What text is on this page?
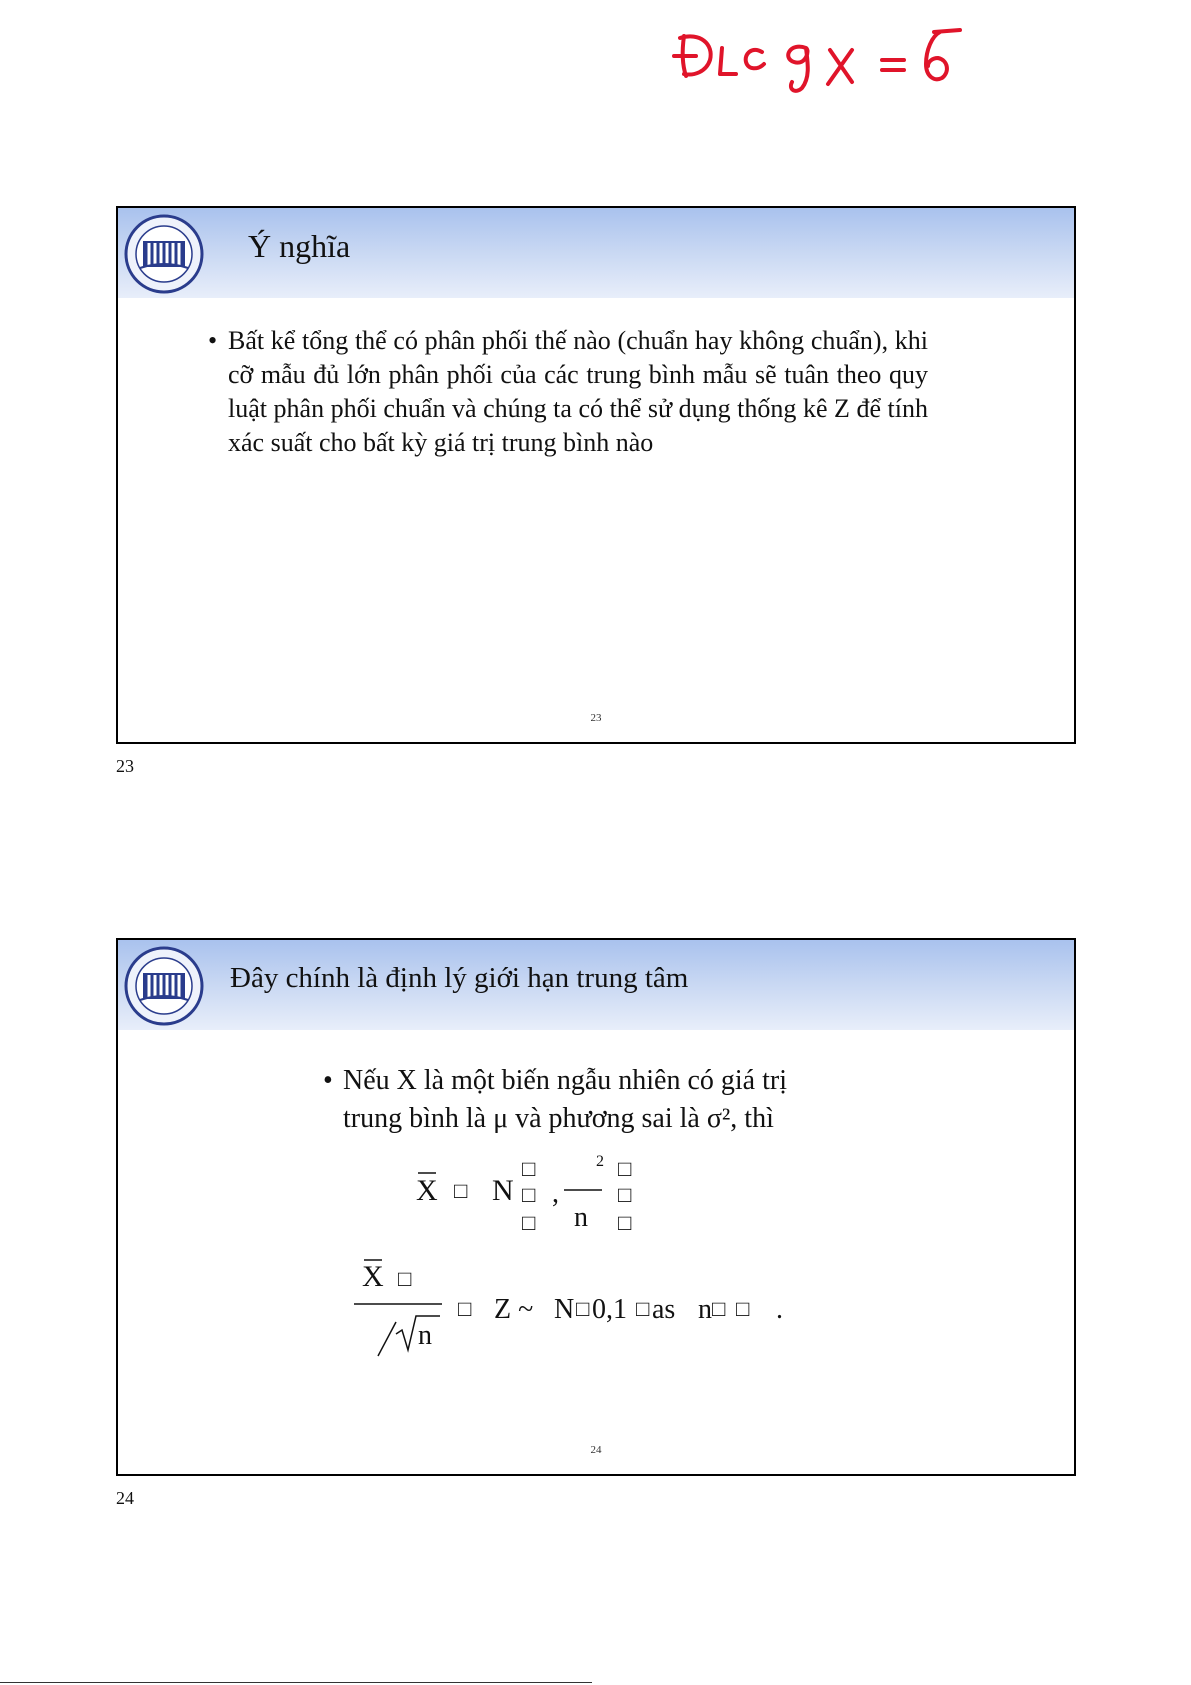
Ý nghĩa
• Bất kể tổng thể có phân phối thế nào (chuẩn hay không chuẩn), khi cỡ mẫu đủ lớn phân phối của các trung bình mẫu sẽ tuân theo quy luật phân phối chuẩn và chúng ta có thể sử dụng thống kê Z để tính xác suất cho bất kỳ giá trị trung bình nào
23
23
Đây chính là định lý giới hạn trung tâm
• Nếu X là một biến ngẫu nhiên có giá trị
trung bình là μ và phương sai là σ², thì
X □ N
□
□
□
,
2
n
□
□
□
X □
n
□ Z ~ N □ 0,1 □ as n □ □ .
24
24
